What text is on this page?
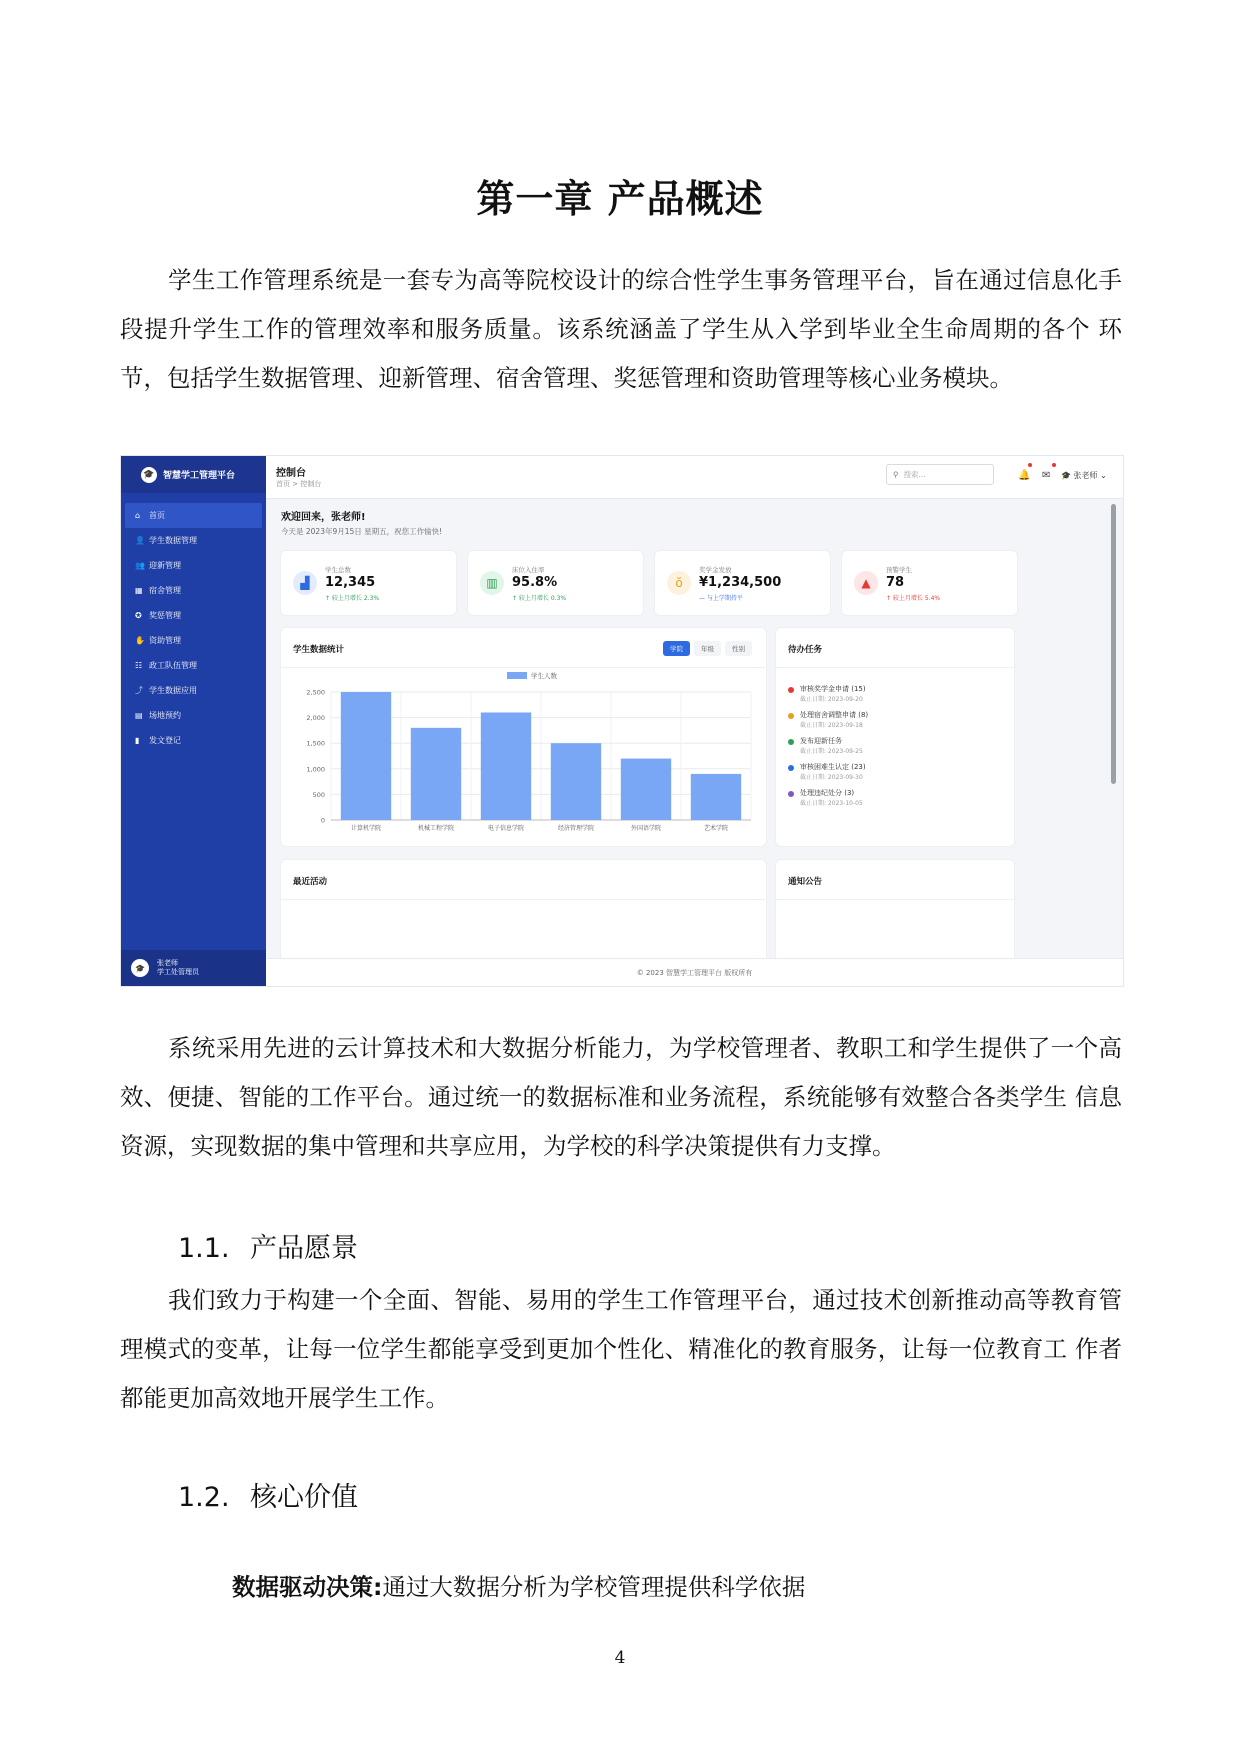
第一章 产品概述

学生工作管理系统是一套专为高等院校设计的综合性学生事务管理平台，旨在通过信息化手 段提升学生工作的管理效率和服务质量。该系统涵盖了学生从入学到毕业全生命周期的各个 环节，包括学生数据管理、迎新管理、宿舍管理、奖惩管理和资助管理等核心业务模块。

🎓 智慧学工管理平台
⌂	首页
👤 学生数据管理
👥 迎新管理
▦ 宿舍管理
✪ 奖惩管理
✋ 资助管理
☷ 政工队伍管理
⤴ 学生数据应用
▤ 场地预约
▮	发文登记
🎓
张老师
学工处管理员
控制台
首页 > 控制台
⚲ 搜索...	🔔 ✉ 🎓 张老师 ⌄
欢迎回来，张老师!
今天是 2023年9月15日 星期五，祝您工作愉快!
▟
学生总数
12,345
↑ 较上月增长 2.3%
▥
床位入住率
95.8%
↑ 较上月增长 0.3%
ŏ
奖学金发放
¥1,234,500
— 与上学期持平
▲
预警学生
78
↑ 较上月增长 5.4%
学生数据统计	学院	年级	性别
0
500
1,000
1,500
2,000
2,500
计算机学院	机械工程学院	电子信息学院	经济管理学院	外国语学院	艺术学院
学生人数
待办任务
审核奖学金申请 (15)
截止日期: 2023-09-20
处理宿舍调整申请 (8)
截止日期: 2023-09-18
发布迎新任务
截止日期: 2023-09-25
审核困难生认定 (23)
截止日期: 2023-09-30
处理违纪处分 (3)
截止日期: 2023-10-05
最近活动	通知公告
© 2023 智慧学工管理平台 版权所有

系统采用先进的云计算技术和大数据分析能力，为学校管理者、教职工和学生提供了一个高 效、便捷、智能的工作平台。通过统一的数据标准和业务流程，系统能够有效整合各类学生 信息资源，实现数据的集中管理和共享应用，为学校的科学决策提供有力支撑。

1.1. 产品愿景

我们致力于构建一个全面、智能、易用的学生工作管理平台，通过技术创新推动高等教育管 理模式的变革，让每一位学生都能享受到更加个性化、精准化的教育服务，让每一位教育工 作者都能更加高效地开展学生工作。

1.2. 核心价值
数据驱动决策:通过大数据分析为学校管理提供科学依据
4
